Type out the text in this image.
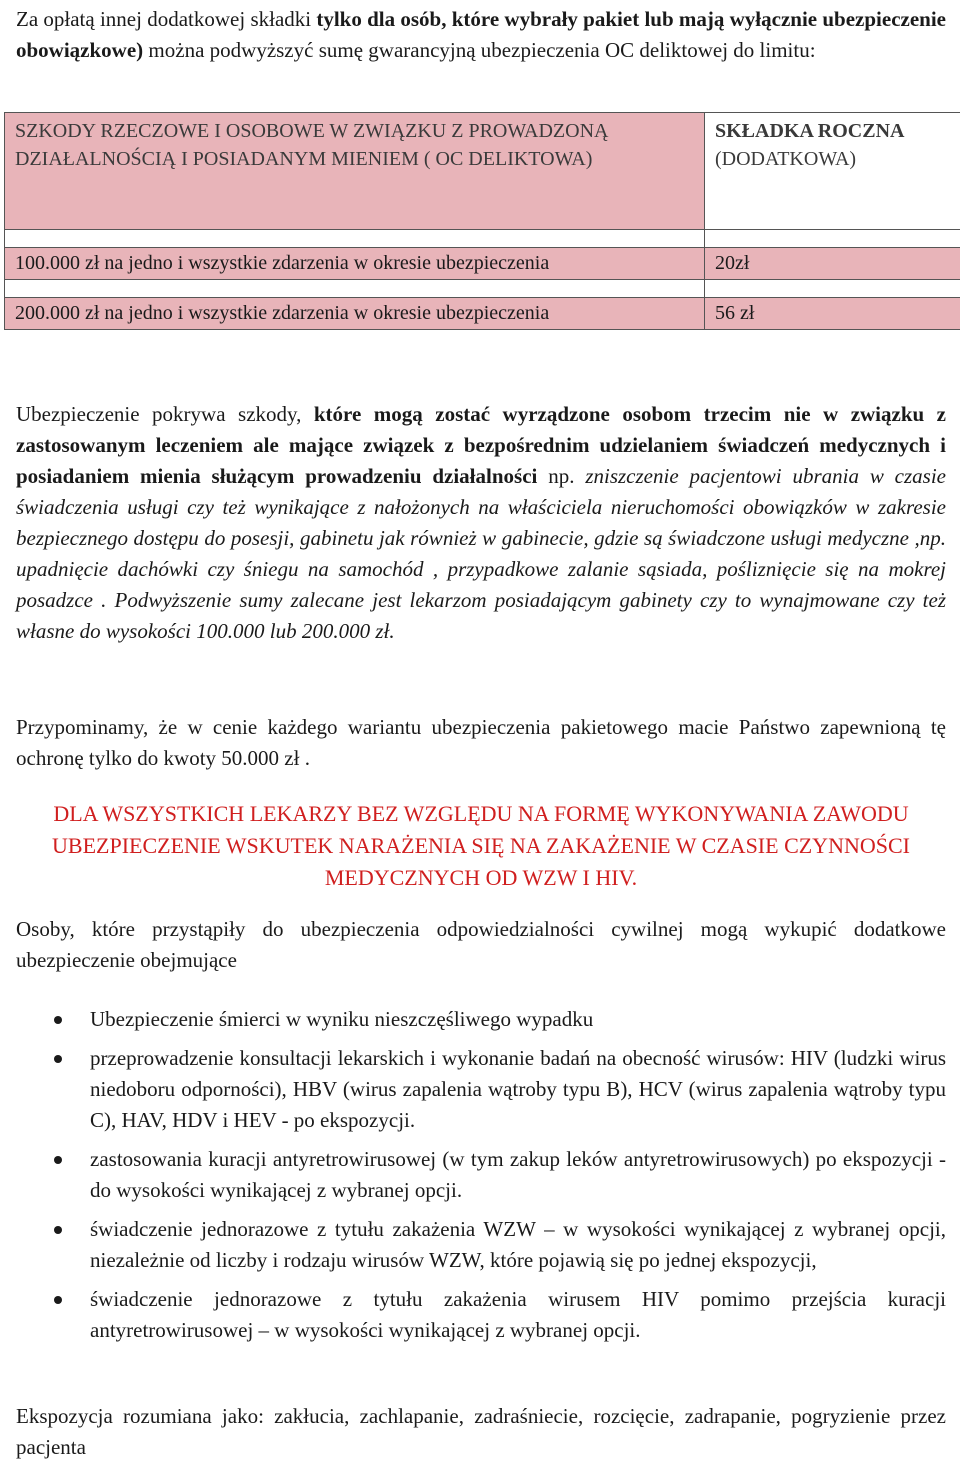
Za opłatą innej dodatkowej składki tylko dla osób, które wybrały pakiet lub mają wyłącznie ubezpieczenie obowiązkowe) można podwyższyć sumę gwarancyjną ubezpieczenia OC deliktowej do limitu:

SZKODY RZECZOWE I OSOBOWE W ZWIĄZKU Z PROWADZONĄ DZIAŁALNOŚCIĄ I POSIADANYM MIENIEM ( OC DELIKTOWA)	SKŁADKA ROCZNA
(DODATKOWA)

100.000 zł na jedno i wszystkie zdarzenia w okresie ubezpieczenia	20zł

200.000 zł na jedno i wszystkie zdarzenia w okresie ubezpieczenia	56 zł

Ubezpieczenie pokrywa szkody, które mogą zostać wyrządzone osobom trzecim nie w związku z zastosowanym leczeniem ale mające związek z bezpośrednim udzielaniem świadczeń medycznych i posiadaniem mienia służącym prowadzeniu działalności np. zniszczenie pacjentowi ubrania w czasie świadczenia usługi czy też wynikające z nałożonych na właściciela nieruchomości obowiązków w zakresie bezpiecznego dostępu do posesji, gabinetu jak również w gabinecie, gdzie są świadczone usługi medyczne ,np. upadnięcie dachówki czy śniegu na samochód , przypadkowe zalanie sąsiada, pośliznięcie się na mokrej posadzce . Podwyższenie sumy zalecane jest lekarzom posiadającym gabinety czy to wynajmowane czy też własne do wysokości 100.000 lub 200.000 zł.

Przypominamy, że w cenie każdego wariantu ubezpieczenia pakietowego macie Państwo zapewnioną tę ochronę tylko do kwoty 50.000 zł .

DLA WSZYSTKICH LEKARZY BEZ WZGLĘDU NA FORMĘ WYKONYWANIA ZAWODU UBEZPIECZENIE WSKUTEK NARAŻENIA SIĘ NA ZAKAŻENIE W CZASIE CZYNNOŚCI MEDYCZNYCH OD WZW I HIV.

Osoby, które przystąpiły do ubezpieczenia odpowiedzialności cywilnej mogą wykupić dodatkowe ubezpieczenie obejmujące

Ubezpieczenie śmierci w wyniku nieszczęśliwego wypadku
przeprowadzenie konsultacji lekarskich i wykonanie badań na obecność wirusów: HIV (ludzki wirus niedoboru odporności), HBV (wirus zapalenia wątroby typu B), HCV (wirus zapalenia wątroby typu C), HAV, HDV i HEV - po ekspozycji.
zastosowania kuracji antyretrowirusowej (w tym zakup leków antyretrowirusowych) po ekspozycji - do wysokości wynikającej z wybranej opcji.
świadczenie jednorazowe z tytułu zakażenia WZW – w wysokości wynikającej z wybranej opcji, niezależnie od liczby i rodzaju wirusów WZW, które pojawią się po jednej ekspozycji,
świadczenie jednorazowe z tytułu zakażenia wirusem HIV pomimo przejścia kuracji antyretrowirusowej – w wysokości wynikającej z wybranej opcji.

Ekspozycja rozumiana jako: zakłucia, zachlapanie, zadraśniecie, rozcięcie, zadrapanie, pogryzienie przez pacjenta
